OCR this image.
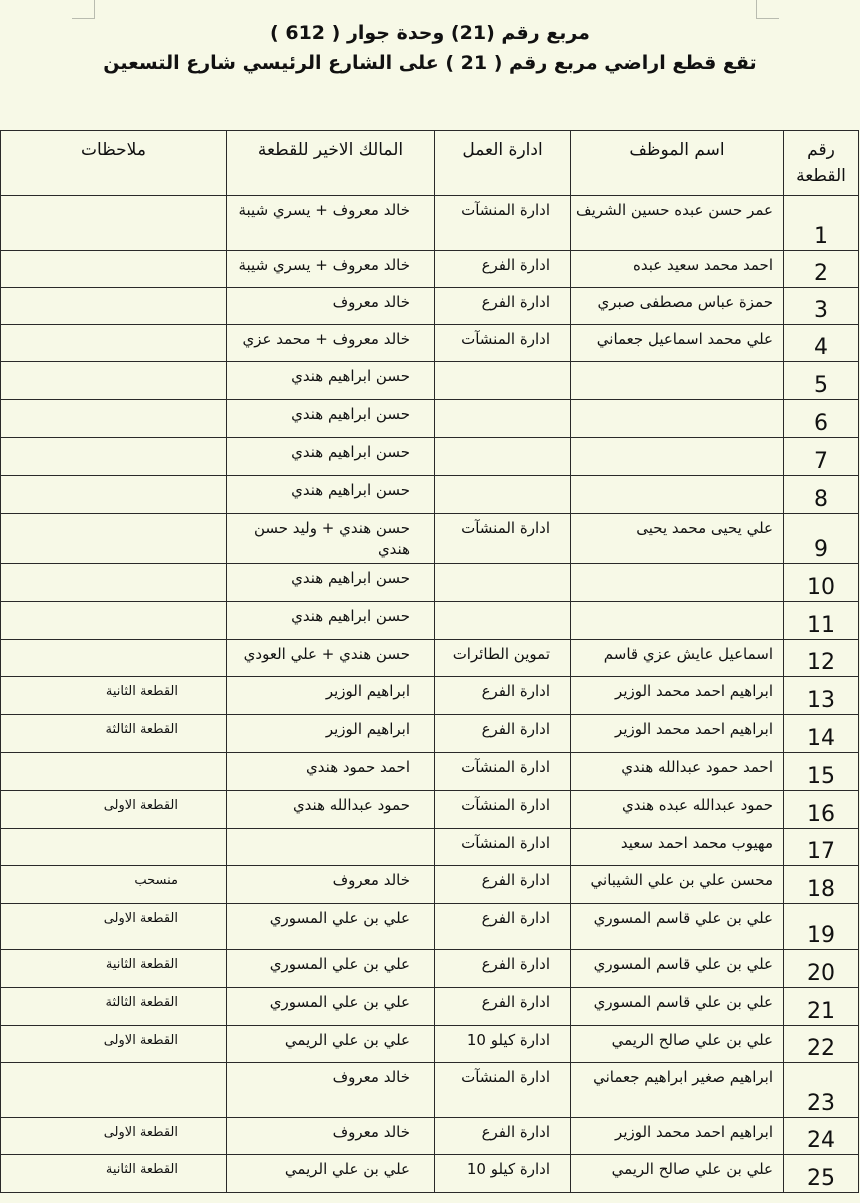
مربع رقم (21) وحدة جوار ( 612 )
تقع قطع اراضي مربع رقم ( 21 ) على الشارع الرئيسي شارع التسعين
رقم القطعة	اسم الموظف	ادارة العمل	المالك الاخير للقطعة	ملاحظات
1	عمر حسن عبده حسين الشريف	ادارة المنشآت	خالد معروف + يسري شيبة	
2	احمد محمد سعيد عبده	ادارة الفرع	خالد معروف + يسري شيبة	
3	حمزة عباس مصطفى صبري	ادارة الفرع	خالد معروف	
4	علي محمد اسماعيل جعماني	ادارة المنشآت	خالد معروف + محمد عزي	
5			حسن ابراهيم هندي	
6			حسن ابراهيم هندي	
7			حسن ابراهيم هندي	
8			حسن ابراهيم هندي	
9	علي يحيى محمد يحيى	ادارة المنشآت	حسن هندي + وليد حسن هندي	
10			حسن ابراهيم هندي	
11			حسن ابراهيم هندي	
12	اسماعيل عايش عزي قاسم	تموين الطائرات	حسن هندي + علي العودي	
13	ابراهيم احمد محمد الوزير	ادارة الفرع	ابراهيم الوزير	القطعة الثانية
14	ابراهيم احمد محمد الوزير	ادارة الفرع	ابراهيم الوزير	القطعة الثالثة
15	احمد حمود عبدالله هندي	ادارة المنشآت	احمد حمود هندي	
16	حمود عبدالله عبده هندي	ادارة المنشآت	حمود عبدالله هندي	القطعة الاولى
17	مهيوب محمد احمد سعيد	ادارة المنشآت		
18	محسن علي بن علي الشيباني	ادارة الفرع	خالد معروف	منسحب
19	علي بن علي قاسم المسوري	ادارة الفرع	علي بن علي المسوري	القطعة الاولى
20	علي بن علي قاسم المسوري	ادارة الفرع	علي بن علي المسوري	القطعة الثانية
21	علي بن علي قاسم المسوري	ادارة الفرع	علي بن علي المسوري	القطعة الثالثة
22	علي بن علي صالح الريمي	ادارة كيلو 10	علي بن علي الريمي	القطعة الاولى
23	ابراهيم صغير ابراهيم جعماني	ادارة المنشآت	خالد معروف	
24	ابراهيم احمد محمد الوزير	ادارة الفرع	خالد معروف	القطعة الاولى
25	علي بن علي صالح الريمي	ادارة كيلو 10	علي بن علي الريمي	القطعة الثانية
